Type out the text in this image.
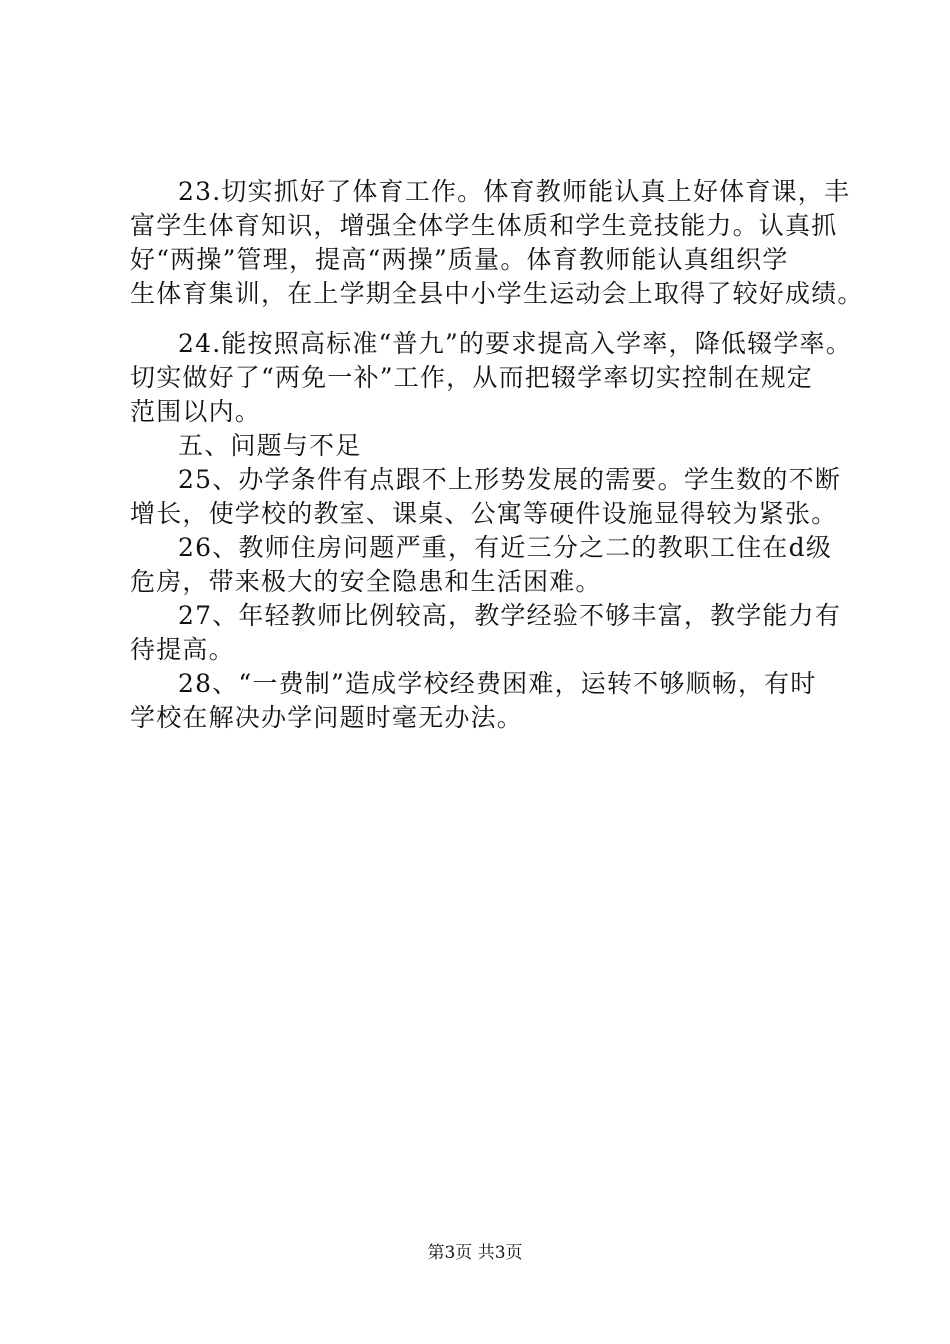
23.切实抓好了体育工作。体育教师能认真上好体育课，丰
富学生体育知识，增强全体学生体质和学生竞技能力。认真抓
好“两操”管理，提高“两操”质量。体育教师能认真组织学
生体育集训，在上学期全县中小学生运动会上取得了较好成绩。
24.能按照高标准“普九”的要求提高入学率，降低辍学率。
切实做好了“两免一补”工作，从而把辍学率切实控制在规定
范围以内。
五、问题与不足
25、办学条件有点跟不上形势发展的需要。学生数的不断
增长，使学校的教室、课桌、公寓等硬件设施显得较为紧张。
26、教师住房问题严重，有近三分之二的教职工住在d级
危房，带来极大的安全隐患和生活困难。
27、年轻教师比例较高，教学经验不够丰富，教学能力有
待提高。
28、“一费制”造成学校经费困难，运转不够顺畅，有时
学校在解决办学问题时毫无办法。
第3页 共3页
